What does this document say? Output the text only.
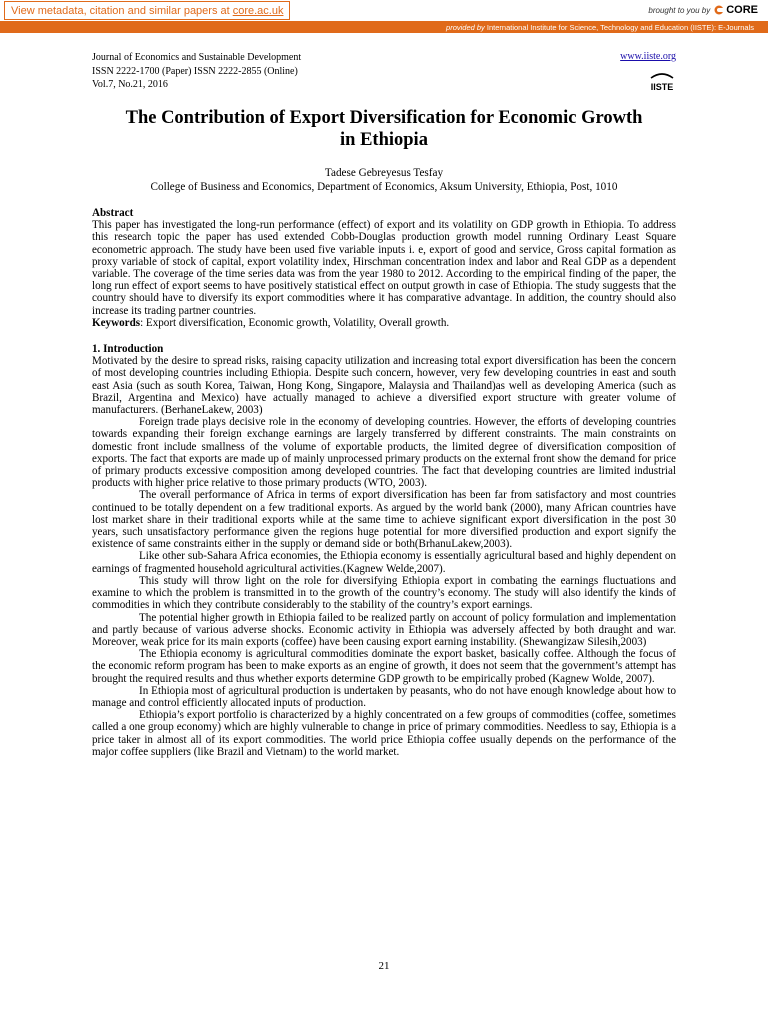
View metadata, citation and similar papers at core.ac.uk	brought to you by CORE
provided by International Institute for Science, Technology and Education (IISTE): E-Journals
Journal of Economics and Sustainable Development
ISSN 2222-1700 (Paper) ISSN 2222-2855 (Online)
Vol.7, No.21, 2016
www.iiste.org
IISTE
The Contribution of Export Diversification for Economic Growth
in Ethiopia
Tadese Gebreyesus Tesfay
College of Business and Economics, Department of Economics, Aksum University, Ethiopia, Post, 1010

Abstract

This paper has investigated the long-run performance (effect) of export and its volatility on GDP growth in Ethiopia. To address this research topic the paper has used extended Cobb-Douglas production growth model running Ordinary Least Square econometric approach. The study have been used five variable inputs i. e, export of good and service, Gross capital formation as proxy variable of stock of capital, export volatility index, Hirschman concentration index and labor and Real GDP as a dependent variable. The coverage of the time series data was from the year 1980 to 2012. According to the empirical finding of the paper, the long run effect of export seems to have positively statistical effect on output growth in case of Ethiopia. The study suggests that the country should have to diversify its export commodities where it has comparative advantage. In addition, the country should also increase its trading partner countries.

Keywords: Export diversification, Economic growth, Volatility, Overall growth.

1. Introduction

Motivated by the desire to spread risks, raising capacity utilization and increasing total export diversification has been the concern of most developing countries including Ethiopia. Despite such concern, however, very few developing countries in east and south east Asia (such as south Korea, Taiwan, Hong Kong, Singapore, Malaysia and Thailand)as well as developing America (such as Brazil, Argentina and Mexico) have actually managed to achieve a diversified export structure with greater volume of manufacturers. (BerhaneLakew, 2003)

Foreign trade plays decisive role in the economy of developing countries. However, the efforts of developing countries towards expanding their foreign exchange earnings are largely transferred by different constraints. The main constraints on domestic front include smallness of the volume of exportable products, the limited degree of diversification composition of exports. The fact that exports are made up of mainly unprocessed primary products on the external front show the demand for price of primary products excessive composition among developed countries. The fact that developing countries are limited industrial products with higher price relative to those primary products (WTO, 2003).

The overall performance of Africa in terms of export diversification has been far from satisfactory and most countries continued to be totally dependent on a few traditional exports. As argued by the world bank (2000), many African countries have lost market share in their traditional exports while at the same time to achieve significant export diversification in the post 30 years, such unsatisfactory performance given the regions huge potential for more diversified production and export signify the existence of same constraints either in the supply or demand side or both(BrhanuLakew,2003).

Like other sub-Sahara Africa economies, the Ethiopia economy is essentially agricultural based and highly dependent on earnings of fragmented household agricultural activities.(Kagnew Welde,2007).

This study will throw light on the role for diversifying Ethiopia export in combating the earnings fluctuations and examine to which the problem is transmitted in to the growth of the country’s economy. The study will also identify the kinds of commodities in which they contribute considerably to the stability of the country’s export earnings.

The potential higher growth in Ethiopia failed to be realized partly on account of policy formulation and implementation and partly because of various adverse shocks. Economic activity in Ethiopia was adversely affected by both draught and war. Moreover, weak price for its main exports (coffee) have been causing export earning instability. (Shewangizaw Silesih,2003)

The Ethiopia economy is agricultural commodities dominate the export basket, basically coffee. Although the focus of the economic reform program has been to make exports as an engine of growth, it does not seem that the government’s attempt has brought the required results and thus whether exports determine GDP growth to be empirically probed (Kagnew Wolde, 2007).

In Ethiopia most of agricultural production is undertaken by peasants, who do not have enough knowledge about how to manage and control efficiently allocated inputs of production.

Ethiopia’s export portfolio is characterized by a highly concentrated on a few groups of commodities (coffee, sometimes called a one group economy) which are highly vulnerable to change in price of primary commodities. Needless to say, Ethiopia is a price taker in almost all of its export commodities. The world price Ethiopia coffee usually depends on the performance of the major coffee suppliers (like Brazil and Vietnam) to the world market.

21
